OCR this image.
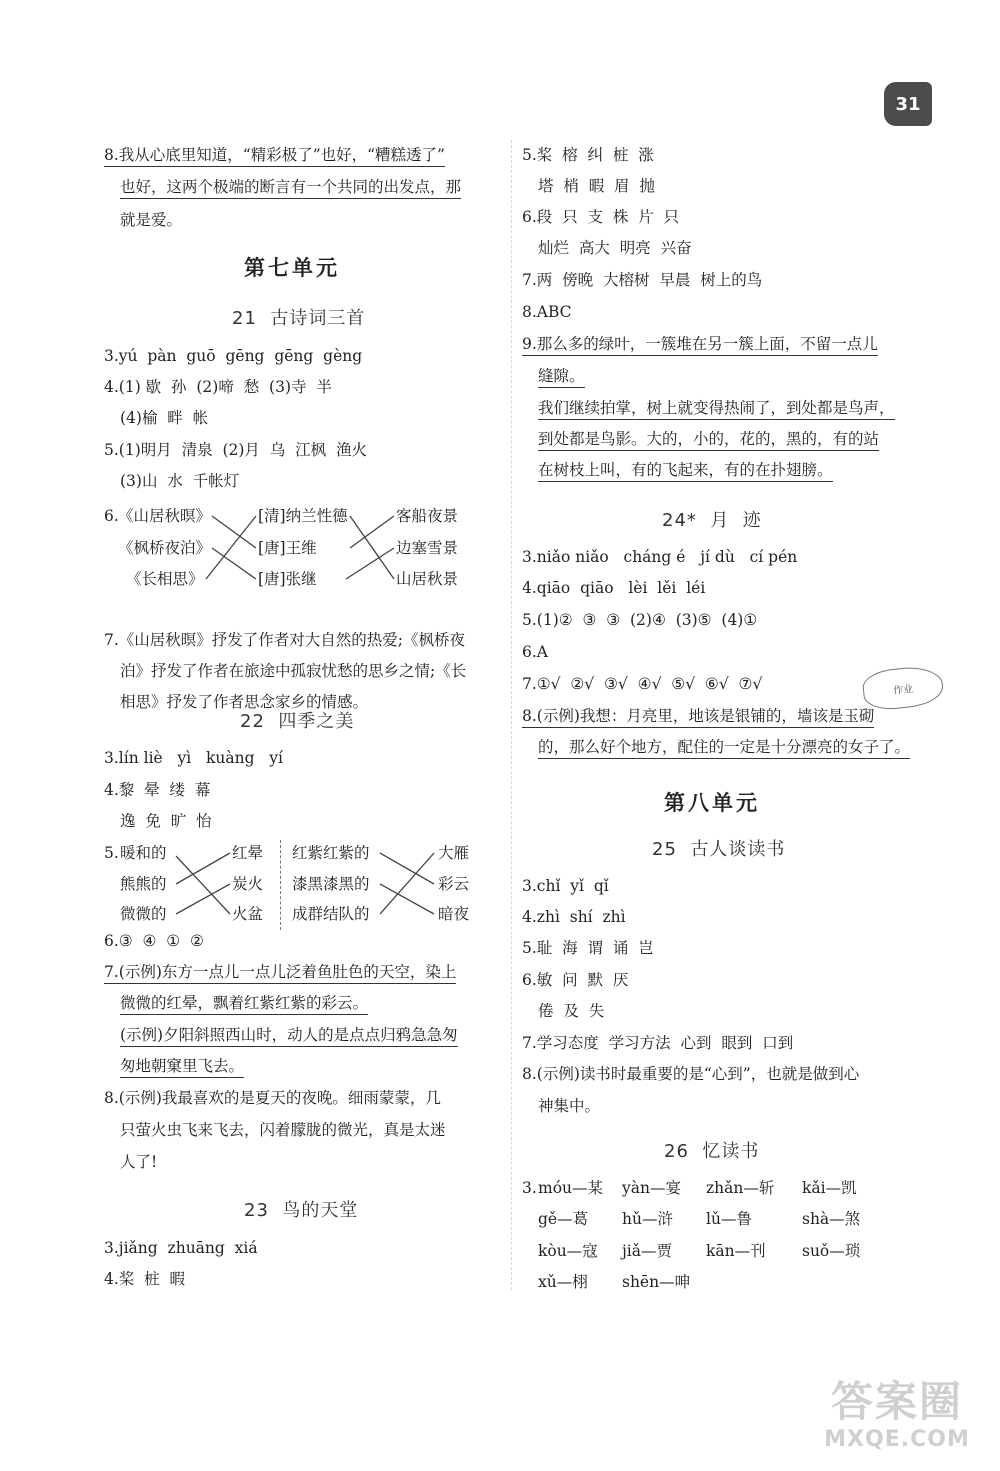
31
8.我从心底里知道，“精彩极了”也好，“糟糕透了”
也好，这两个极端的断言有一个共同的出发点，那
就是爱。
第七单元
21  古诗词三首
3.yú  pàn  guō  gēng  gēng  gèng
4.(1) 歇  孙  (2)啼  愁  (3)寺  半
(4)榆  畔  帐
5.(1)明月  清泉  (2)月  乌  江枫  渔火
(3)山  水  千帐灯
6. 《山居秋暝》
《枫桥夜泊》
《长相思》
[清]纳兰性德
[唐]王维
[唐]张继
客船夜景
边塞雪景
山居秋景
7.《山居秋暝》抒发了作者对大自然的热爱;《枫桥夜
泊》抒发了作者在旅途中孤寂忧愁的思乡之情;《长
相思》抒发了作者思念家乡的情感。
22  四季之美
3.lín liè   yì   kuàng   yí
4.黎  晕  缕  幕
逸  免  旷  怡
5. 暖和的
熊熊的
微微的
红晕
炭火
火盆
红紫红紫的
漆黑漆黑的
成群结队的
大雁
彩云
暗夜
6.③  ④  ①  ②
7.(示例)东方一点儿一点儿泛着鱼肚色的天空，染上
微微的红晕，飘着红紫红紫的彩云。
(示例)夕阳斜照西山时，动人的是点点归鸦急急匆
匆地朝窠里飞去。
8.(示例)我最喜欢的是夏天的夜晚。细雨蒙蒙，几
只萤火虫飞来飞去，闪着朦胧的微光，真是太迷
人了!
23  鸟的天堂
3.jiǎng  zhuāng  xiá
4.桨  桩  暇
5.桨  榕  纠  桩  涨
塔  梢  暇  眉  抛
6.段  只  支  株  片  只
灿烂  高大  明亮  兴奋
7.两  傍晚  大榕树  早晨  树上的鸟
8.ABC
9.那么多的绿叶，一簇堆在另一簇上面，不留一点儿
缝隙。
我们继续拍掌，树上就变得热闹了，到处都是鸟声，
到处都是鸟影。大的，小的，花的，黑的，有的站
在树枝上叫，有的飞起来，有的在扑翅膀。
24*  月  迹
3.niǎo niǎo   cháng é   jí dù   cí pén
4.qiāo  qiāo   lèi  lěi  léi
5.(1)②  ③  ③  (2)④  (3)⑤  (4)①
6.A
7.①√  ②√  ③√  ④√  ⑤√  ⑥√  ⑦√
8.(示例)我想：月亮里，地该是银铺的，墙该是玉砌
的，那么好个地方，配住的一定是十分漂亮的女子了。
作业
第八单元
25  古人谈读书
3.chǐ  yǐ  qǐ
4.zhì  shí  zhì
5.耻  海  谓  诵  岂
6.敏  问  默  厌
倦  及  失
7.学习态度  学习方法  心到  眼到  口到
8.(示例)读书时最重要的是“心到”，也就是做到心
神集中。
26  忆读书
3. móu—某 yàn—宴 zhǎn—斩 kǎi—凯
gě—葛 hǔ—浒 lǔ—鲁	shà—煞
kòu—寇 jiǎ—贾 kān—刊 suǒ—琐
xǔ—栩 shēn—呻
答案圈
MXQE.COM
